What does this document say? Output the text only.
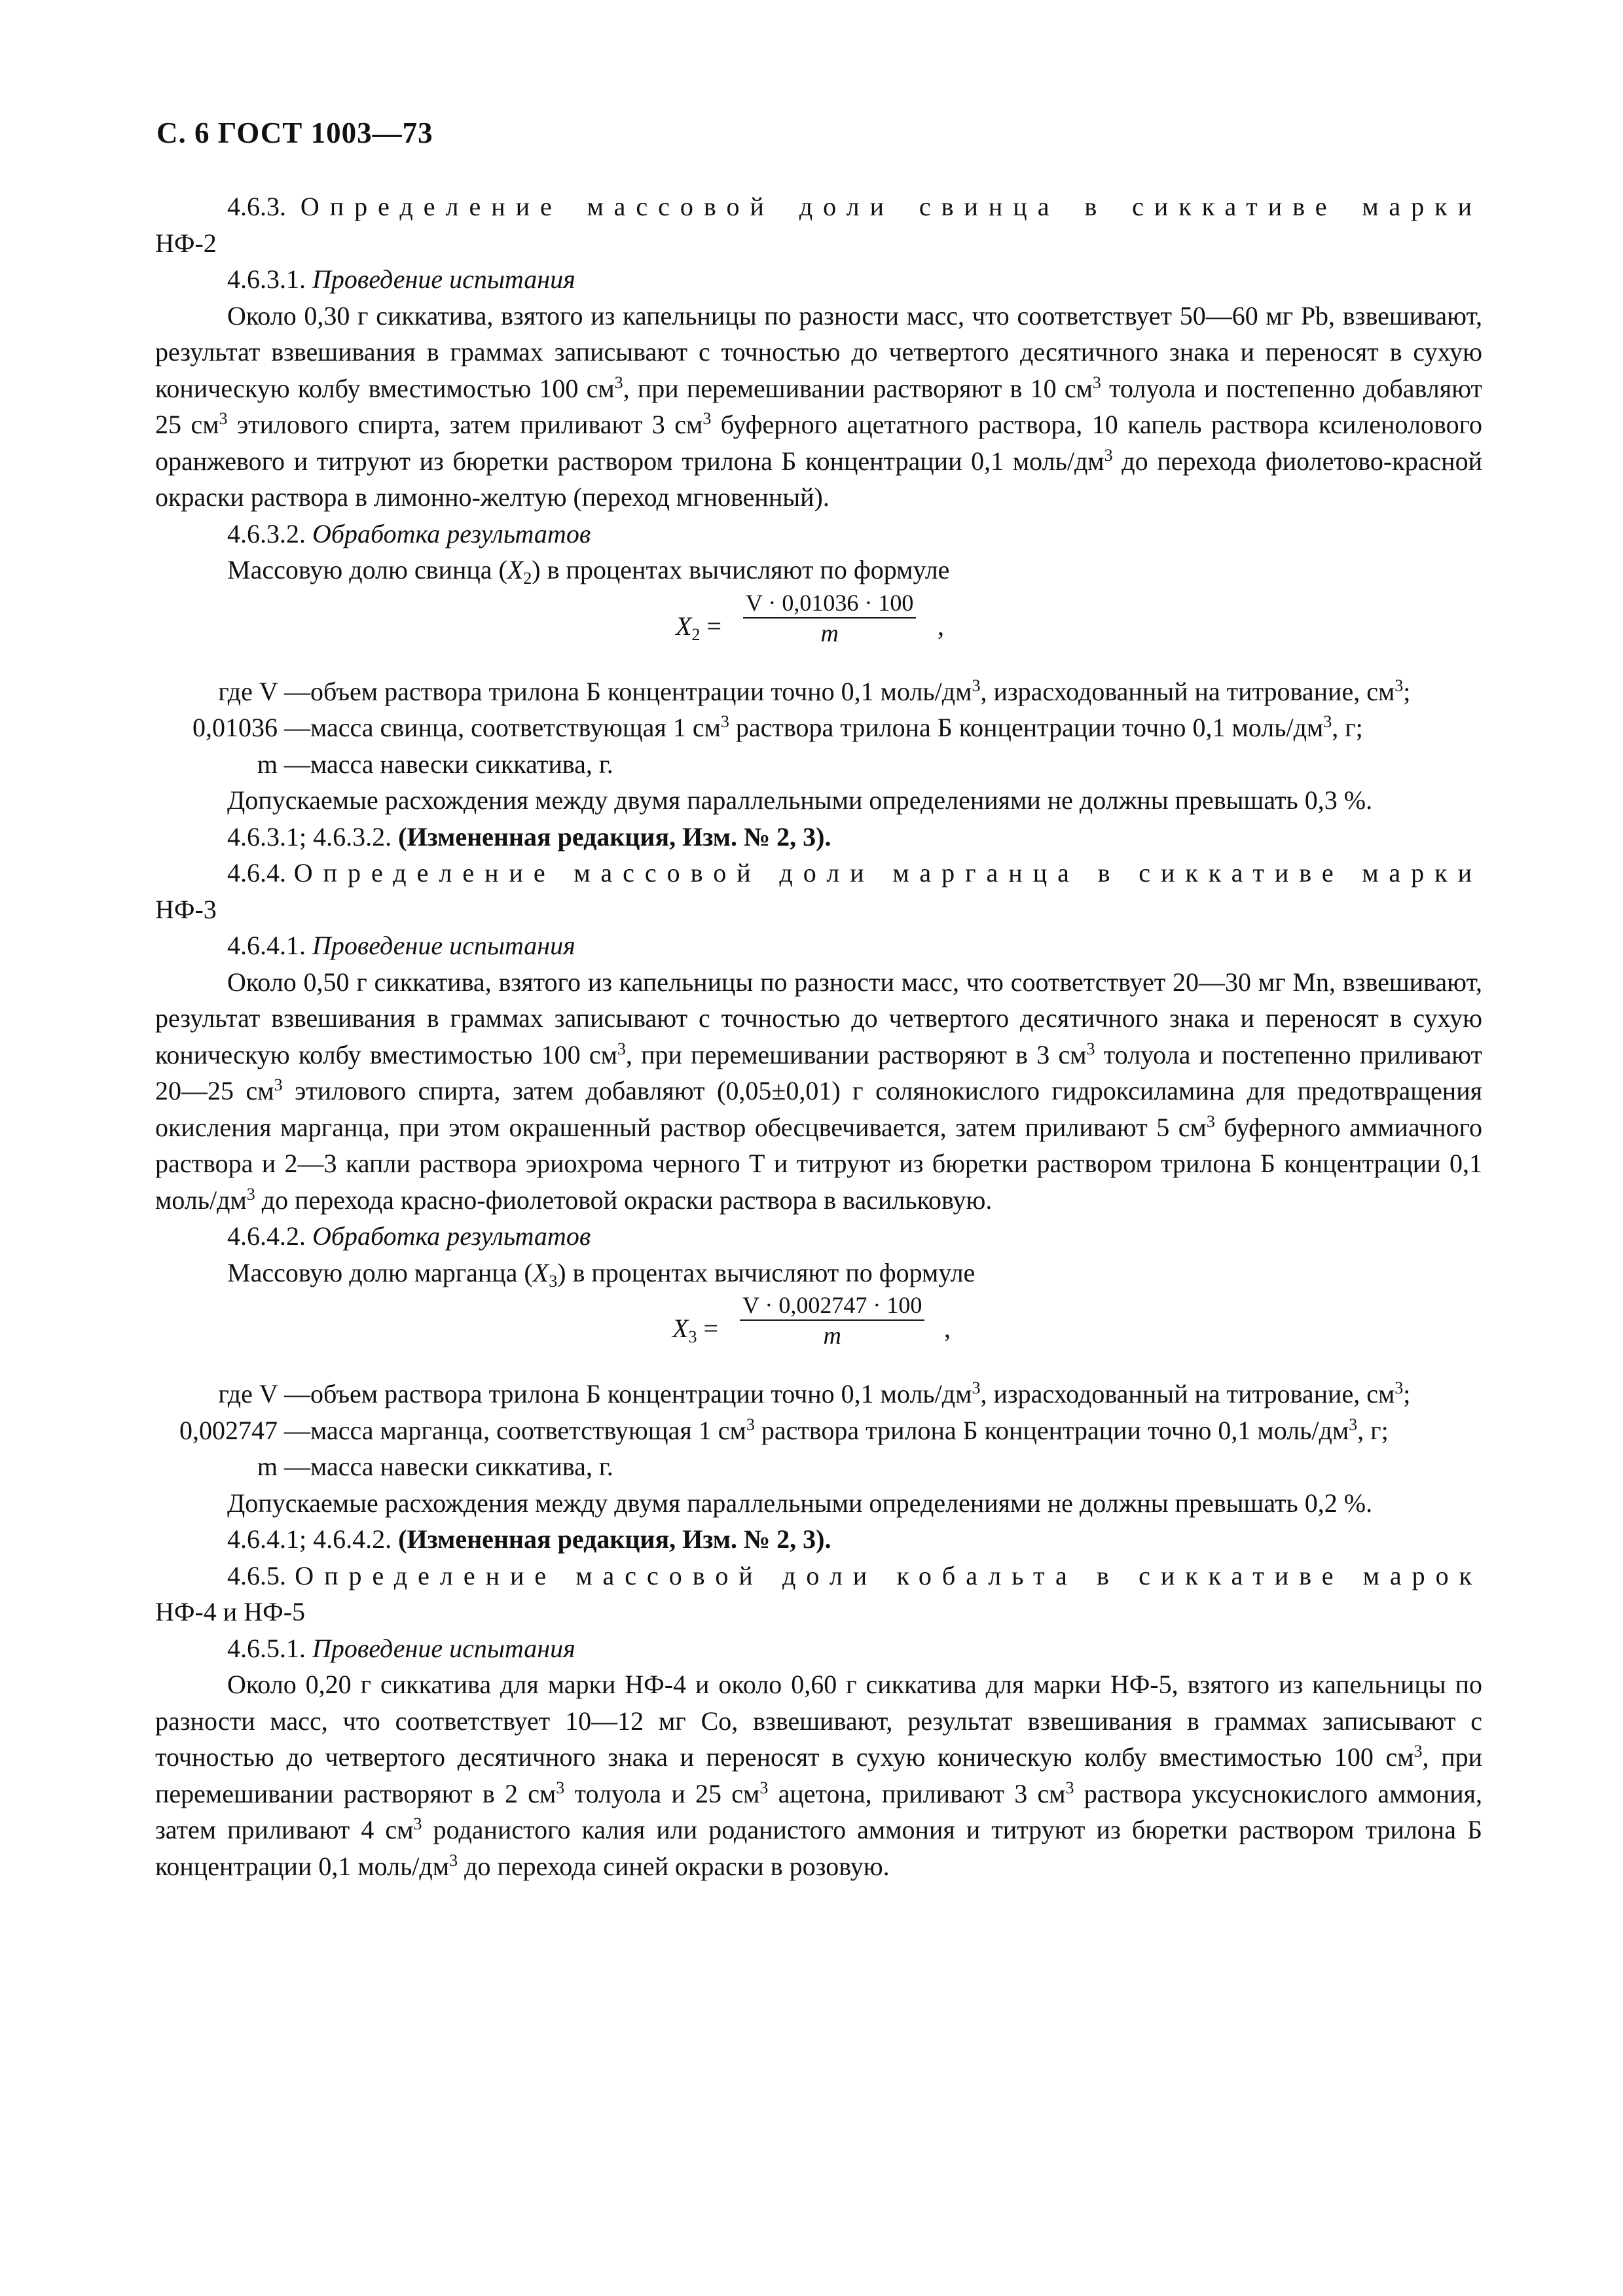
С. 6 ГОСТ 1003—73

4.6.3. Определение массовой доли свинца в сиккативе марки НФ-2

4.6.3.1. Проведение испытания

Около 0,30 г сиккатива, взятого из капельницы по разности масс, что соответствует 50—60 мг Pb, взвешивают, результат взвешивания в граммах записывают с точностью до четвертого десятичного знака и переносят в сухую коническую колбу вместимостью 100 $см^3$, при перемешивании растворяют в 10 $см^3$ толуола и постепенно добавляют 25 $см^3$ этилового спирта, затем приливают 3 $см^3$ буферного ацетатного раствора, 10 капель раствора ксиленолового оранжевого и титруют из бюретки раствором трилона Б концентрации 0,1 моль/$дм^3$ до перехода фиолетово-красной окраски раствора в лимонно-желтую (переход мгновенный).

4.6.3.2. Обработка результатов

Массовую долю свинца $(X_2)$ в процентах вычисляют по формуле

$X_2 = \frac{V \cdot 0,01036 \cdot 100}{m}$ ,
где V — объем раствора трилона Б концентрации точно 0,1 моль/$дм^3$, израсходованный на титрование, $см^3$;
0,01036 — масса свинца, соответствующая 1 $см^3$ раствора трилона Б концентрации точно 0,1 моль/$дм^3$, г;
m — масса навески сиккатива, г.

Допускаемые расхождения между двумя параллельными определениями не должны превышать 0,3 %.

4.6.3.1; 4.6.3.2. (Измененная редакция, Изм. № 2, 3).

4.6.4. Определение массовой доли марганца в сиккативе марки НФ-3

4.6.4.1. Проведение испытания

Около 0,50 г сиккатива, взятого из капельницы по разности масс, что соответствует 20—30 мг Mn, взвешивают, результат взвешивания в граммах записывают с точностью до четвертого десятичного знака и переносят в сухую коническую колбу вместимостью 100 $см^3$, при перемешивании растворяют в 3 $см^3$ толуола и постепенно приливают 20—25 $см^3$ этилового спирта, затем добавляют (0,05±0,01) г солянокислого гидроксиламина для предотвращения окисления марганца, при этом окрашенный раствор обесцвечивается, затем приливают 5 $см^3$ буферного аммиачного раствора и 2—3 капли раствора эриохрома черного Т и титруют из бюретки раствором трилона Б концентрации 0,1 моль/$дм^3$ до перехода красно-фиолетовой окраски раствора в васильковую.

4.6.4.2. Обработка результатов

Массовую долю марганца $(X_3)$ в процентах вычисляют по формуле

$X_3 = \frac{V \cdot 0,002747 \cdot 100}{m}$ ,
где V — объем раствора трилона Б концентрации точно 0,1 моль/$дм^3$, израсходованный на титрование, $см^3$;
0,002747 — масса марганца, соответствующая 1 $см^3$ раствора трилона Б концентрации точно 0,1 моль/$дм^3$, г;
m — масса навески сиккатива, г.

Допускаемые расхождения между двумя параллельными определениями не должны превышать 0,2 %.

4.6.4.1; 4.6.4.2. (Измененная редакция, Изм. № 2, 3).

4.6.5. Определение массовой доли кобальта в сиккативе марок НФ-4 и НФ-5

4.6.5.1. Проведение испытания

Около 0,20 г сиккатива для марки НФ-4 и около 0,60 г сиккатива для марки НФ-5, взятого из капельницы по разности масс, что соответствует 10—12 мг Co, взвешивают, результат взвешивания в граммах записывают с точностью до четвертого десятичного знака и переносят в сухую коническую колбу вместимостью 100 $см^3$, при перемешивании растворяют в 2 $см^3$ толуола и 25 $см^3$ ацетона, приливают 3 $см^3$ раствора уксуснокислого аммония, затем приливают 4 $см^3$ роданистого калия или роданистого аммония и титруют из бюретки раствором трилона Б концентрации 0,1 моль/$дм^3$ до перехода синей окраски в розовую.
